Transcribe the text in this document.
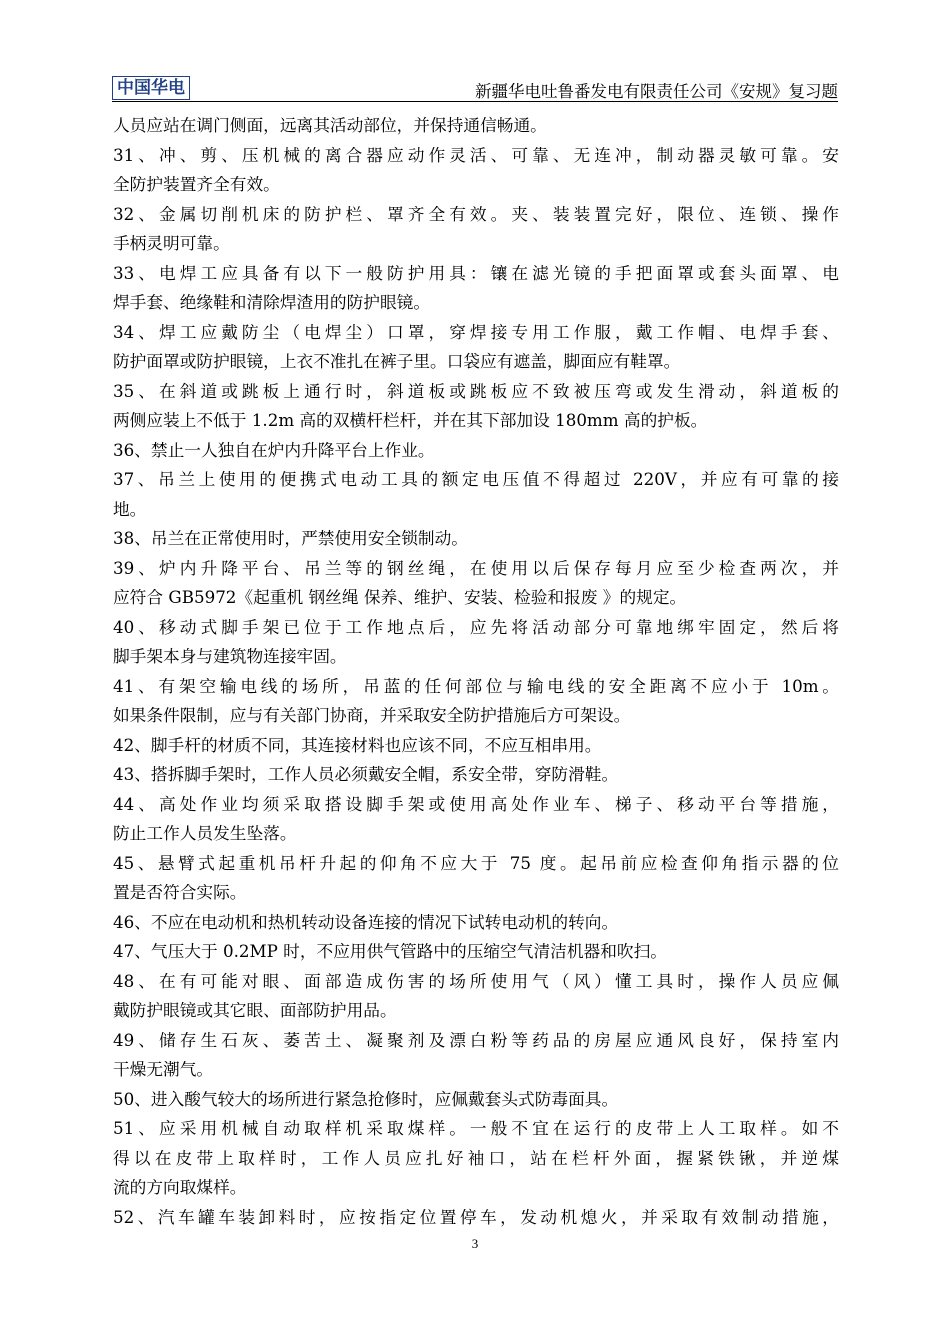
中国华电	新疆华电吐鲁番发电有限责任公司《安规》复习题
人员应站在调门侧面，远离其活动部位，并保持通信畅通。
31、冲、剪、压机械的离合器应动作灵活、可靠、无连冲，制动器灵敏可靠。安
全防护装置齐全有效。
32、金属切削机床的防护栏、罩齐全有效。夹、装装置完好，限位、连锁、操作
手柄灵明可靠。
33、电焊工应具备有以下一般防护用具：镶在滤光镜的手把面罩或套头面罩、电
焊手套、绝缘鞋和清除焊渣用的防护眼镜。
34、焊工应戴防尘（电焊尘）口罩，穿焊接专用工作服，戴工作帽、电焊手套、
防护面罩或防护眼镜，上衣不准扎在裤子里。口袋应有遮盖，脚面应有鞋罩。
35、在斜道或跳板上通行时，斜道板或跳板应不致被压弯或发生滑动，斜道板的
两侧应装上不低于 1.2m 高的双横杆栏杆，并在其下部加设 180mm 高的护板。
36、禁止一人独自在炉内升降平台上作业。
37、吊兰上使用的便携式电动工具的额定电压值不得超过 220V，并应有可靠的接
地。
38、吊兰在正常使用时，严禁使用安全锁制动。
39、炉内升降平台、吊兰等的钢丝绳，在使用以后保存每月应至少检查两次，并
应符合 GB5972《起重机 钢丝绳 保养、维护、安装、检验和报废 》的规定。
40、移动式脚手架已位于工作地点后，应先将活动部分可靠地绑牢固定，然后将
脚手架本身与建筑物连接牢固。
41、有架空输电线的场所，吊蓝的任何部位与输电线的安全距离不应小于 10m。
如果条件限制，应与有关部门协商，并采取安全防护措施后方可架设。
42、脚手杆的材质不同，其连接材料也应该不同，不应互相串用。
43、搭拆脚手架时，工作人员必须戴安全帽，系安全带，穿防滑鞋。
44、高处作业均须采取搭设脚手架或使用高处作业车、梯子、移动平台等措施，
防止工作人员发生坠落。
45、悬臂式起重机吊杆升起的仰角不应大于 75 度。起吊前应检查仰角指示器的位
置是否符合实际。
46、不应在电动机和热机转动设备连接的情况下试转电动机的转向。
47、气压大于 0.2MP 时，不应用供气管路中的压缩空气清洁机器和吹扫。
48、在有可能对眼、面部造成伤害的场所使用气（风）懂工具时，操作人员应佩
戴防护眼镜或其它眼、面部防护用品。
49、储存生石灰、萎苦土、凝聚剂及漂白粉等药品的房屋应通风良好，保持室内
干燥无潮气。
50、进入酸气较大的场所进行紧急抢修时，应佩戴套头式防毒面具。
51、应采用机械自动取样机采取煤样。一般不宜在运行的皮带上人工取样。如不
得以在皮带上取样时，工作人员应扎好袖口，站在栏杆外面，握紧铁锹，并逆煤
流的方向取煤样。
52、汽车罐车装卸料时，应按指定位置停车，发动机熄火，并采取有效制动措施，
3
